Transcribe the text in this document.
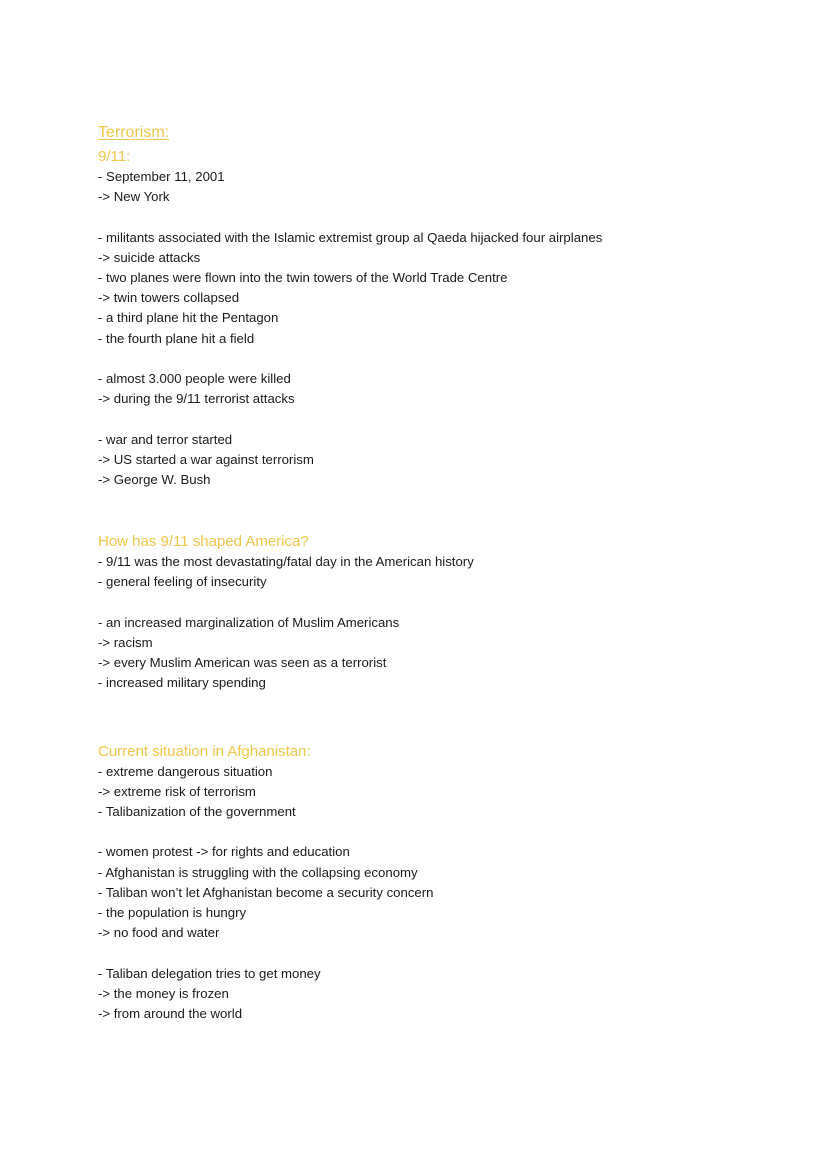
Terrorism:
9/11:

- September 11, 2001

-> New York

- militants associated with the Islamic extremist group al Qaeda hijacked four airplanes

-> suicide attacks

- two planes were flown into the twin towers of the World Trade Centre

-> twin towers collapsed

- a third plane hit the Pentagon

- the fourth plane hit a field

- almost 3.000 people were killed

-> during the 9/11 terrorist attacks

- war and terror started

-> US started a war against terrorism

-> George W. Bush

How has 9/11 shaped America?

- 9/11 was the most devastating/fatal day in the American history

- general feeling of insecurity

- an increased marginalization of Muslim Americans

-> racism

-> every Muslim American was seen as a terrorist

- increased military spending

Current situation in Afghanistan:

- extreme dangerous situation

-> extreme risk of terrorism

- Talibanization of the government

- women protest -> for rights and education

- Afghanistan is struggling with the collapsing economy

- Taliban won’t let Afghanistan become a security concern

- the population is hungry

-> no food and water

- Taliban delegation tries to get money

-> the money is frozen

-> from around the world
